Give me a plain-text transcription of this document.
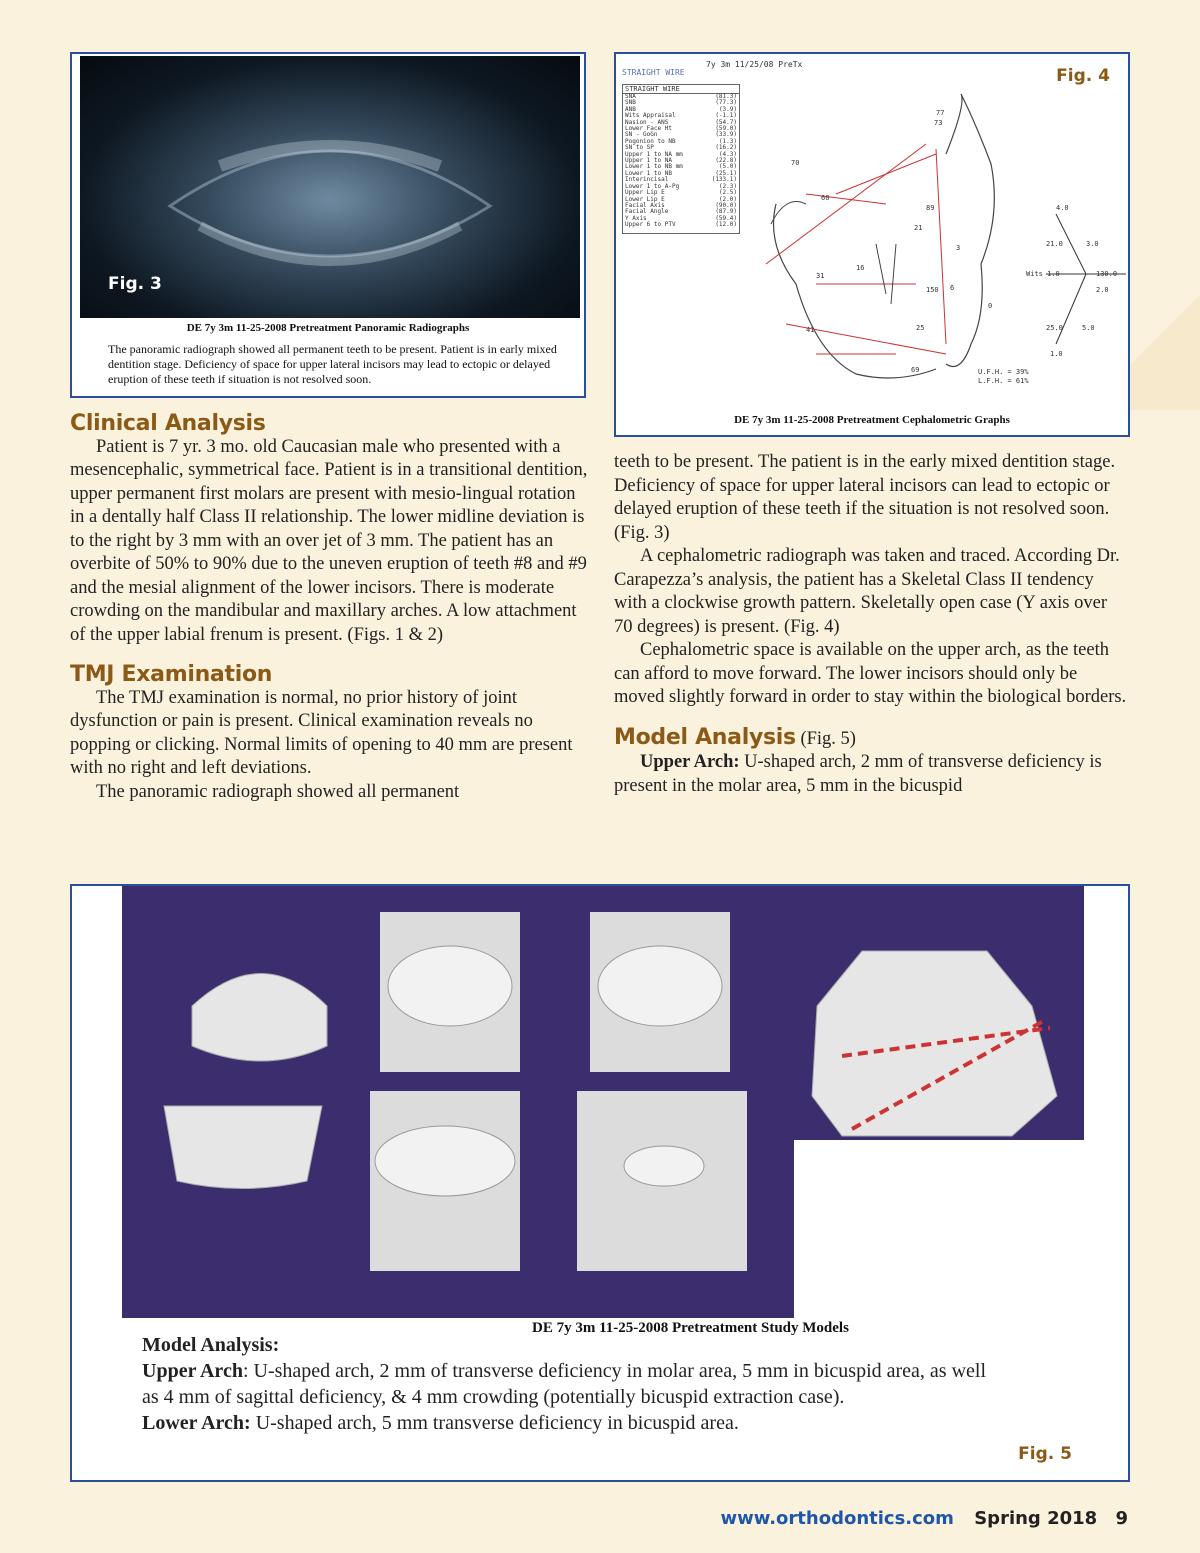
Fig. 3
DE 7y 3m 11-25-2008 Pretreatment Panoramic Radiographs
The panoramic radiograph showed all permanent teeth to be present. Patient is in early mixed dentition stage. Deficiency of space for upper lateral incisors may lead to ectopic or delayed eruption of these teeth if situation is not resolved soon.
STRAIGHT WIRE
7y 3m 11/25/08 PreTx
Fig. 4
STRAIGHT WIRE
SNA	(81.3)
SNB	(77.3)
ANB	(3.9)
Wits Appraisal	(-1.1)
Nasion - ANS	(54.7)
Lower Face Ht	(59.0)
SN - GoGn	(33.9)
Pogonion to NB	(1.3)
SN to SP	(16.2)
Upper 1 to NA mm	(4.3)
Upper 1 to NA	(22.8)
Lower 1 to NB mm	(5.0)
Lower 1 to NB	(25.1)
Interincisal	(133.1)
Lower 1 to A-Pg	(2.3)
Upper Lip E	(2.5)
Lower Lip E	(2.0)
Facial Axis	(90.0)
Facial Angle	(87.9)
Y Axis	(59.4)
Upper 6 to PTV	(12.0)
70
60
77
73
89
21
16
31
150
25
69
41
0
3
6
4.0
21.0	3.0
Wits 1.0	130.0
2.0
25.0	5.0
1.0
U.F.H. = 39%
L.F.H. = 61%
DE 7y 3m 11-25-2008 Pretreatment Cephalometric Graphs
Clinical Analysis

Patient is 7 yr. 3 mo. old Caucasian male who presented with a mesencephalic, symmetrical face. Patient is in a transitional dentition, upper permanent first molars are present with mesio-lingual rotation in a dentally half Class II relationship. The lower midline deviation is to the right by 3 mm with an over jet of 3 mm. The patient has an overbite of 50% to 90% due to the uneven eruption of teeth #8 and #9 and the mesial alignment of the lower incisors. There is moderate crowding on the mandibular and maxillary arches. A low attachment of the upper labial frenum is present. (Figs. 1 & 2)

TMJ Examination

The TMJ examination is normal, no prior history of joint dysfunction or pain is present. Clinical examination reveals no popping or clicking. Normal limits of opening to 40 mm are present with no right and left deviations.

The panoramic radiograph showed all permanent

teeth to be present. The patient is in the early mixed dentition stage. Deficiency of space for upper lateral incisors can lead to ectopic or delayed eruption of these teeth if the situation is not resolved soon. (Fig. 3)

A cephalometric radiograph was taken and traced. According Dr. Carapezza’s analysis, the patient has a Skeletal Class II tendency with a clockwise growth pattern. Skeletally open case (Y axis over 70 degrees) is present. (Fig. 4)

Cephalometric space is available on the upper arch, as the teeth can afford to move forward. The lower incisors should only be moved slightly forward in order to stay within the biological borders.

Model Analysis (Fig. 5)

Upper Arch: U-shaped arch, 2 mm of transverse deficiency is present in the molar area, 5 mm in the bicuspid

DE 7y 3m 11-25-2008 Pretreatment Study Models
Model Analysis:
Upper Arch: U-shaped arch, 2 mm of transverse deficiency in molar area, 5 mm in bicuspid area, as well as 4 mm of sagittal deficiency, & 4 mm crowding (potentially bicuspid extraction case).
Lower Arch: U-shaped arch, 5 mm transverse deficiency in bicuspid area.
Fig. 5
www.orthodontics.com Spring 2018 9
